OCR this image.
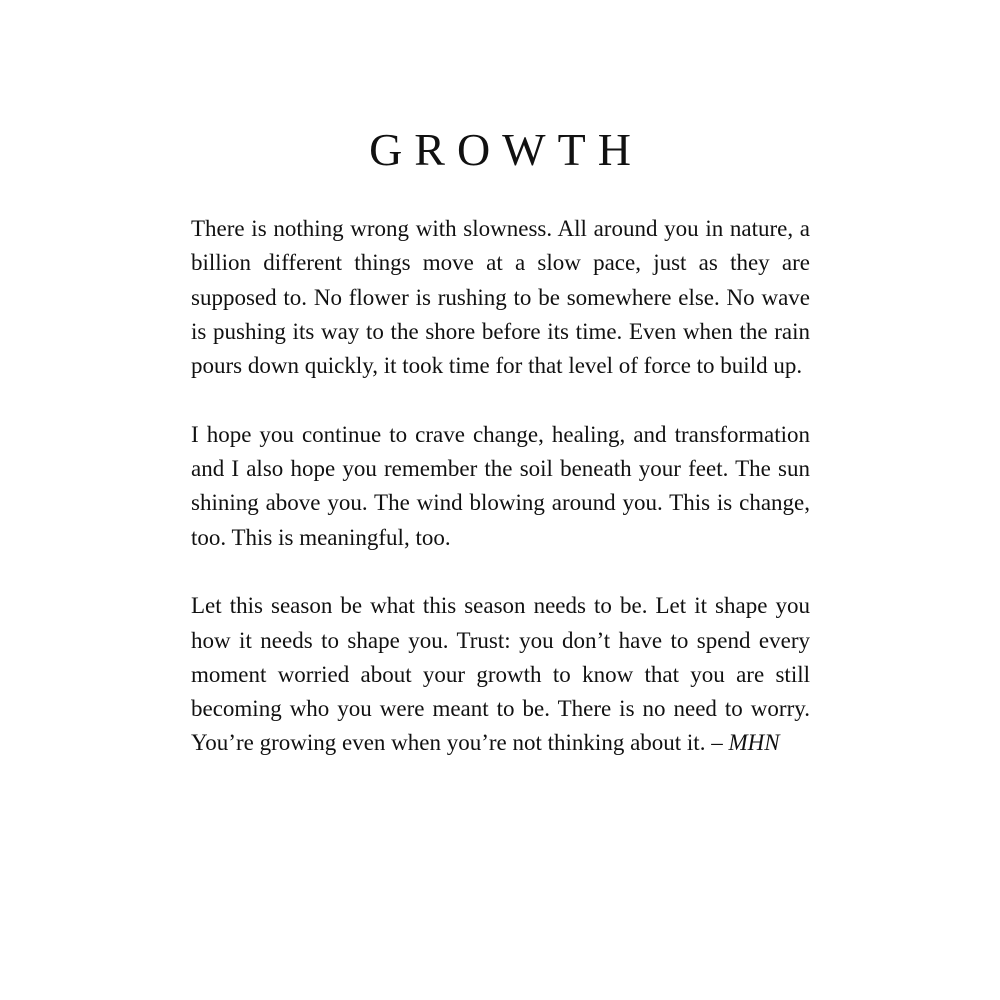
GROWTH

There is nothing wrong with slowness. All around you in nature, a billion different things move at a slow pace, just as they are supposed to. No flower is rushing to be somewhere else. No wave is pushing its way to the shore before its time. Even when the rain pours down quickly, it took time for that level of force to build up.

I hope you continue to crave change, healing, and transformation and I also hope you remember the soil beneath your feet. The sun shining above you. The wind blowing around you. This is change, too. This is meaningful, too.

Let this season be what this season needs to be. Let it shape you how it needs to shape you. Trust: you don’t have to spend every moment worried about your growth to know that you are still becoming who you were meant to be. There is no need to worry. You’re growing even when you’re not thinking about it. – MHN
